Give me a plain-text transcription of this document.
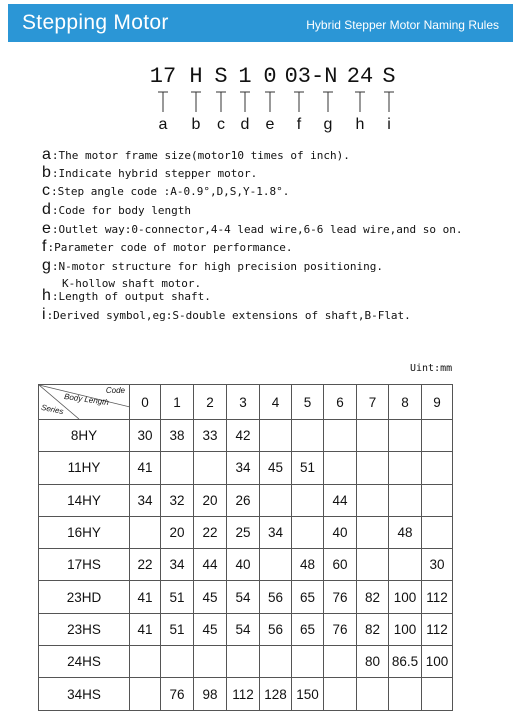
Stepping Motor	Hybrid Stepper Motor Naming Rules
17 H S 1 0 03-N 24 S
a b c d e f g h i
a:The motor frame size(motor10 times of inch).
b:Indicate hybrid stepper motor.
c:Step angle code :A-0.9°,D,S,Y-1.8°.
d:Code for body length
e:Outlet way:0-connector,4-4 lead wire,6-6 lead wire,and so on.
f:Parameter code of motor performance.
g:N-motor structure for high precision positioning.
K-hollow shaft motor.
h:Length of output shaft.
i:Derived symbol,eg:S-double extensions of shaft,B-Flat.
Uint:mm
Code
Body Length
Series	0	1	2	3	4	5	6	7	8	9
8HY	30	38	33	42						
11HY	41			34	45	51				
14HY	34	32	20	26			44			
16HY		20	22	25	34		40		48	
17HS	22	34	44	40		48	60			30
23HD	41	51	45	54	56	65	76	82	100	112
23HS	41	51	45	54	56	65	76	82	100	112
24HS								80	86.5	100
34HS		76	98	112	128	150				
